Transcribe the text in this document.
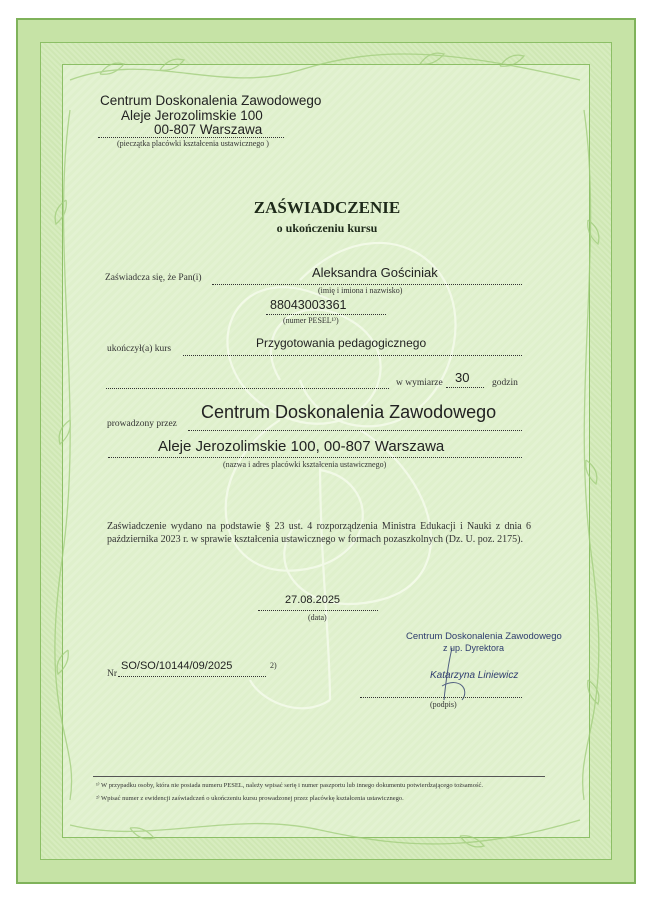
Centrum Doskonalenia Zawodowego
Aleje Jerozolimskie 100
00-807 Warszawa
(pieczątka placówki kształcenia ustawicznego )
ZAŚWIADCZENIE
o ukończeniu kursu
Zaświadcza się, że Pan(i)	Aleksandra Gościniak
(imię i imiona i nazwisko)
88043003361
(numer PESEL¹⁾)
ukończył(a) kurs	Przygotowania pedagogicznego
w wymiarze 30 godzin
prowadzony przez
Centrum Doskonalenia Zawodowego
Aleje Jerozolimskie 100, 00-807 Warszawa
(nazwa i adres placówki kształcenia ustawicznego)
Zaświadczenie wydano na podstawie § 23 ust. 4 rozporządzenia Ministra Edukacji i Nauki z dnia 6 października 2023 r. w sprawie kształcenia ustawicznego w formach pozaszkolnych (Dz. U. poz. 2175).
27.08.2025
(data)
Centrum Doskonalenia Zawodowego
z up. Dyrektora
Katarzyna Liniewicz
(podpis)
Nr
SO/SO/10144/09/2025	2)
¹⁾ W przypadku osoby, która nie posiada numeru PESEL, należy wpisać serię i numer paszportu lub innego dokumentu potwierdzającego tożsamość.
²⁾ Wpisać numer z ewidencji zaświadczeń o ukończeniu kursu prowadzonej przez placówkę kształcenia ustawicznego.
